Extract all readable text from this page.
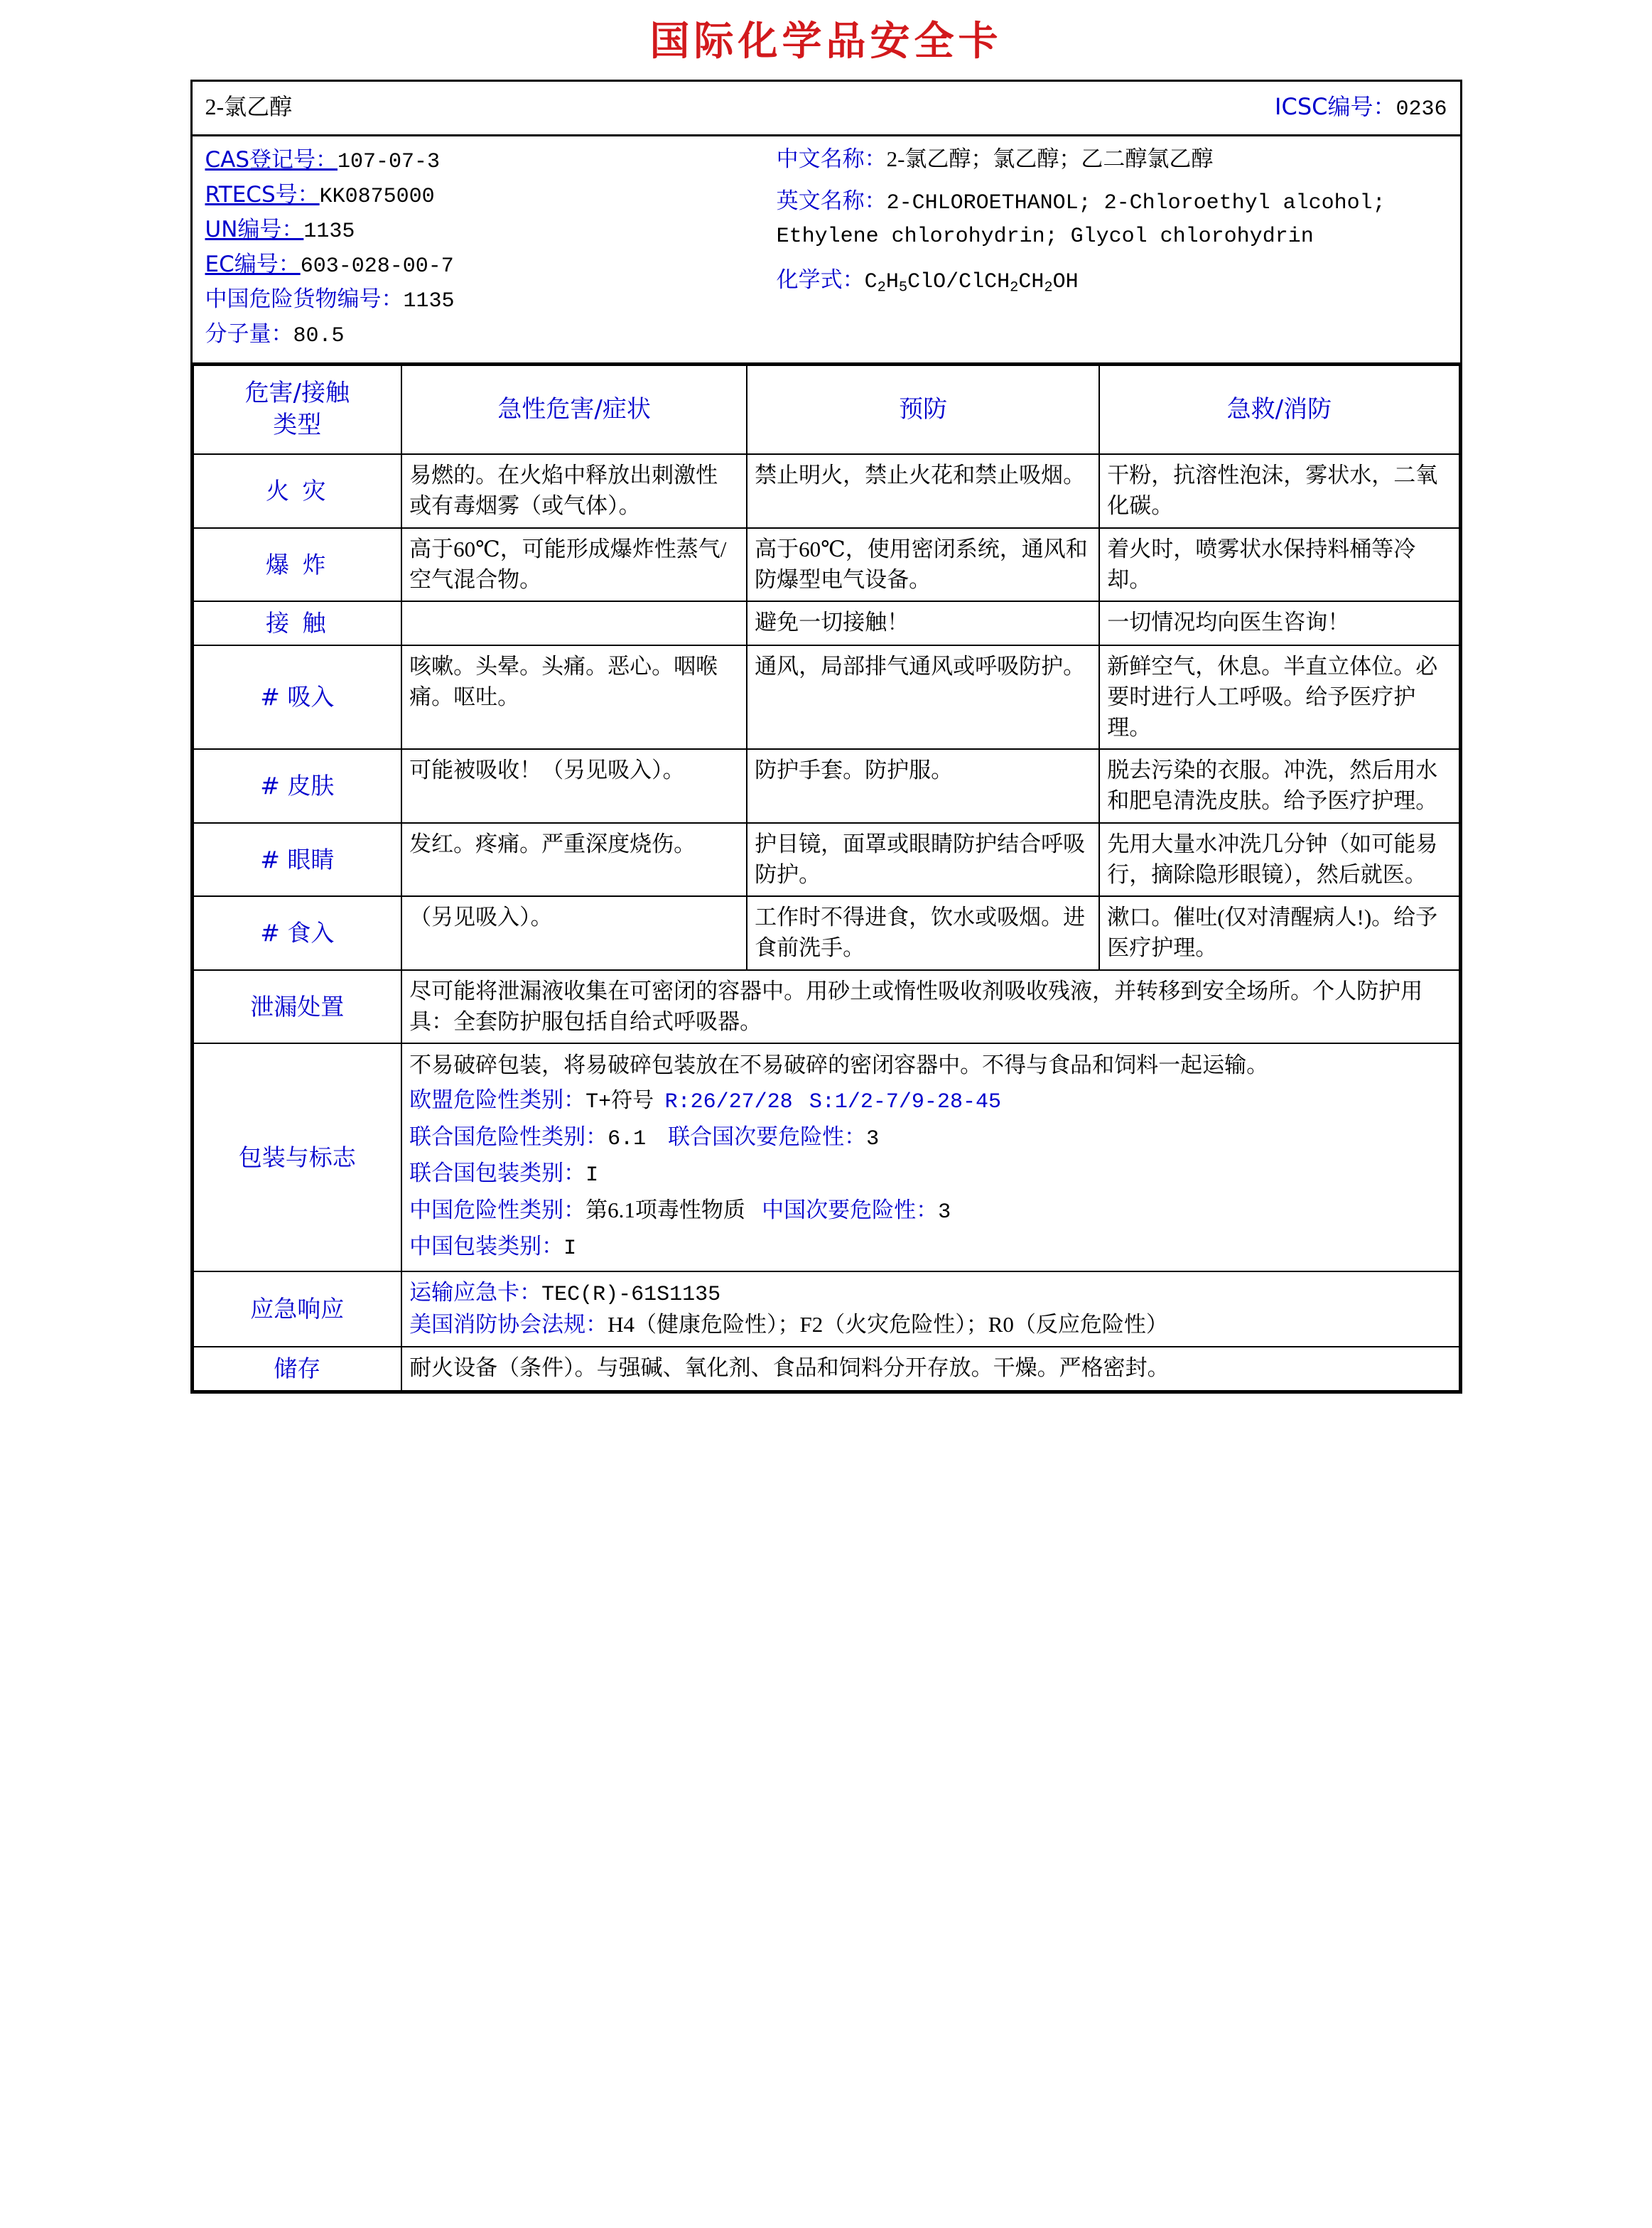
国际化学品安全卡
2-氯乙醇	ICSC编号：0236
CAS登记号：107-07-3
RTECS号：KK0875000
UN编号：1135
EC编号：603-028-00-7
中国危险货物编号：1135
分子量：80.5
中文名称：2-氯乙醇；氯乙醇；乙二醇氯乙醇
英文名称：2-CHLOROETHANOL; 2-Chloroethyl alcohol; Ethylene chlorohydrin; Glycol chlorohydrin
化学式：$C_2H_5ClO/ClCH_2CH_2OH$
危害/接触
类型	急性危害/症状	预防	急救/消防
火 灾	易燃的。在火焰中释放出刺激性或有毒烟雾（或气体）。	禁止明火，禁止火花和禁止吸烟。	干粉，抗溶性泡沫，雾状水，二氧化碳。
爆 炸	高于60℃，可能形成爆炸性蒸气/空气混合物。	高于60℃，使用密闭系统，通风和防爆型电气设备。	着火时，喷雾状水保持料桶等冷却。
接 触		避免一切接触！	一切情况均向医生咨询！
# 吸入	咳嗽。头晕。头痛。恶心。咽喉痛。呕吐。	通风，局部排气通风或呼吸防护。	新鲜空气，休息。半直立体位。必要时进行人工呼吸。给予医疗护理。
# 皮肤	可能被吸收！（另见吸入）。	防护手套。防护服。	脱去污染的衣服。冲洗，然后用水和肥皂清洗皮肤。给予医疗护理。
# 眼睛	发红。疼痛。严重深度烧伤。	护目镜，面罩或眼睛防护结合呼吸防护。	先用大量水冲洗几分钟（如可能易行，摘除隐形眼镜），然后就医。
# 食入	（另见吸入）。	工作时不得进食，饮水或吸烟。进食前洗手。	漱口。催吐(仅对清醒病人!)。给予医疗护理。
泄漏处置	尽可能将泄漏液收集在可密闭的容器中。用砂土或惰性吸收剂吸收残液，并转移到安全场所。个人防护用具：全套防护服包括自给式呼吸器。		
包装与标志	
不易破碎包装，将易破碎包装放在不易破碎的密闭容器中。不得与食品和饲料一起运输。
欧盟危险性类别：T+符号 R:26/27/28 S:1/2-7/9-28-45
联合国危险性类别：6.1 联合国次要危险性：3
联合国包装类别：I
中国危险性类别：第6.1项毒性物质 中国次要危险性：3
中国包装类别：I

应急响应	运输应急卡：TEC(R)-61S1135
美国消防协会法规：H4（健康危险性）；F2（火灾危险性）；R0（反应危险性）		

储存	耐火设备（条件）。与强碱、氧化剂、食品和饲料分开存放。干燥。严格密封。		
